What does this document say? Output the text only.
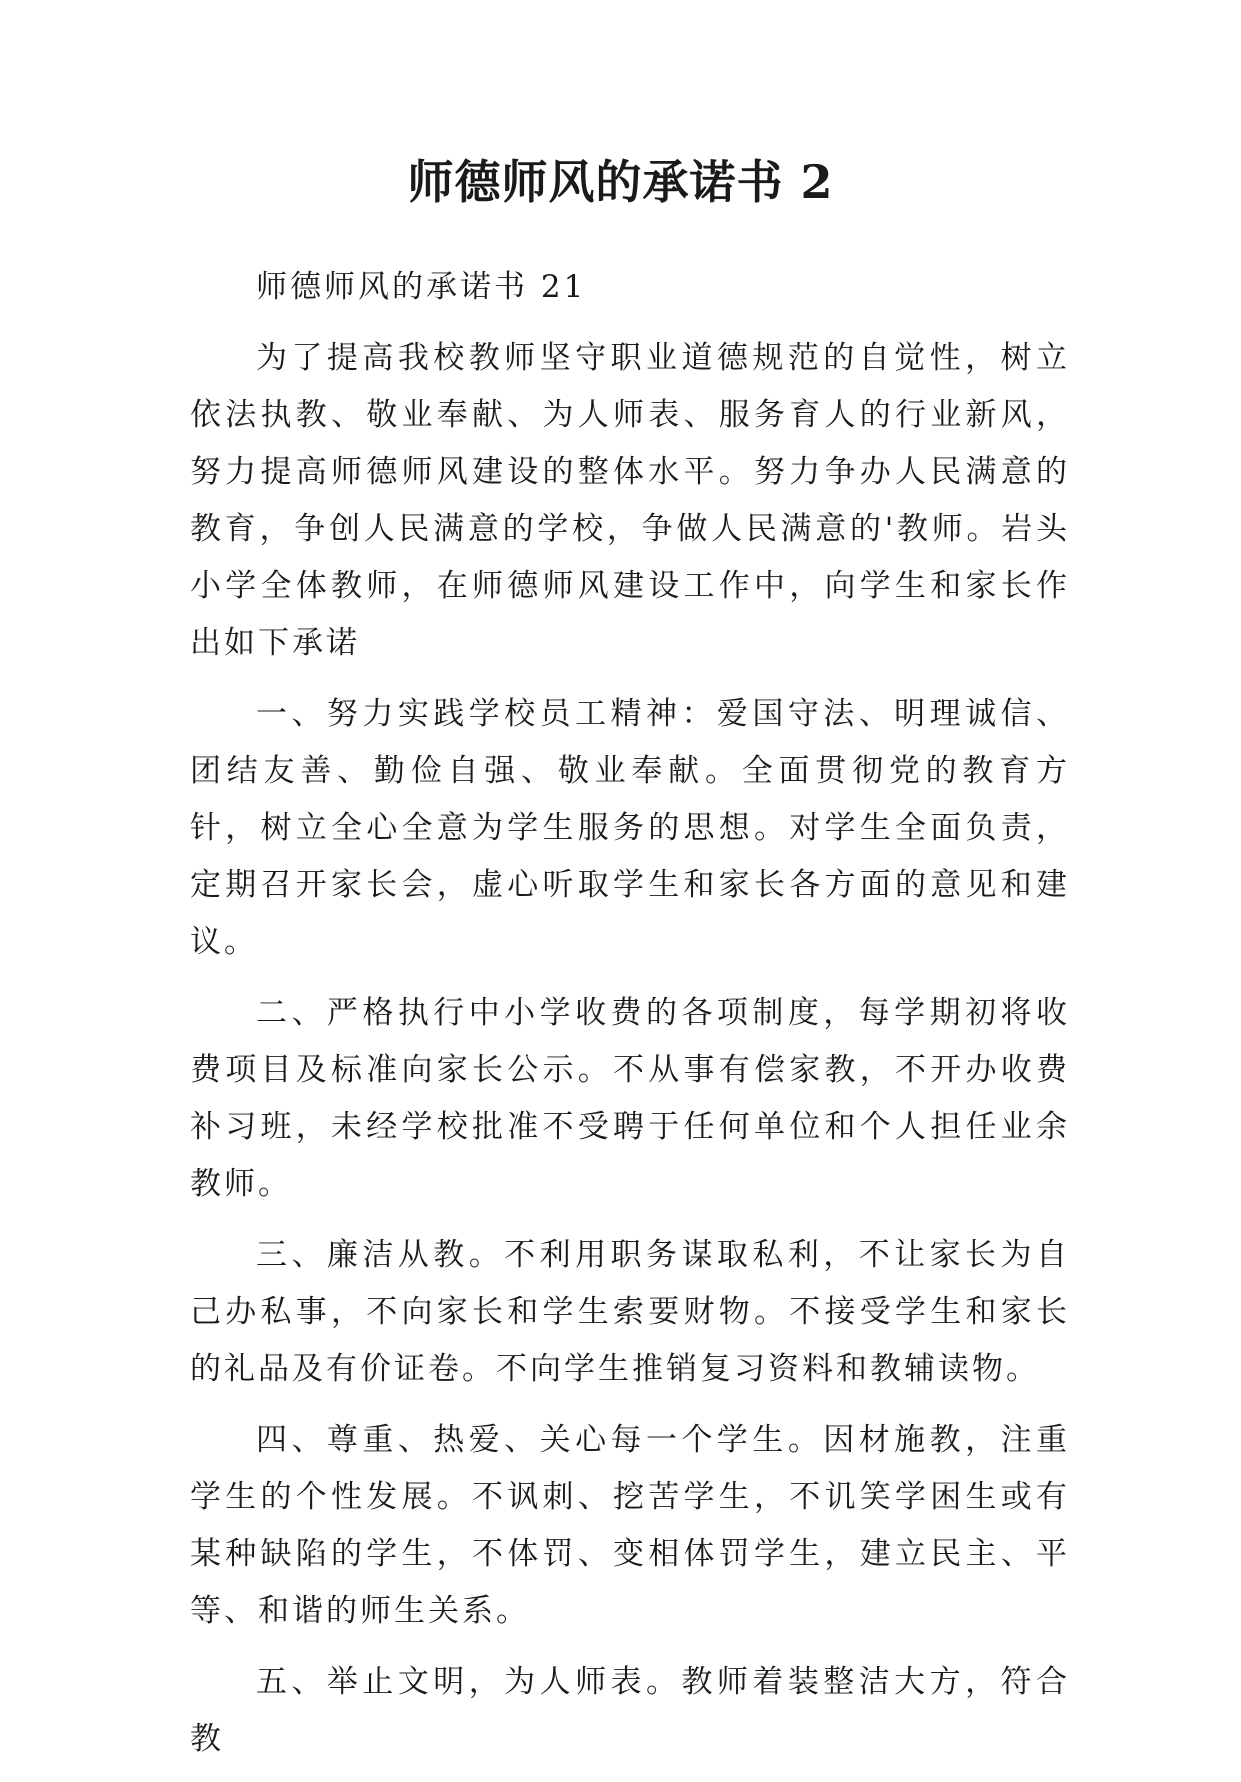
师德师风的承诺书 2

师德师风的承诺书 21

为了提高我校教师坚守职业道德规范的自觉性，树立依法执教、敬业奉献、为人师表、服务育人的行业新风，努力提高师德师风建设的整体水平。努力争办人民满意的教育，争创人民满意的学校，争做人民满意的'教师。岩头小学全体教师，在师德师风建设工作中，向学生和家长作出如下承诺

一、努力实践学校员工精神：爱国守法、明理诚信、团结友善、勤俭自强、敬业奉献。全面贯彻党的教育方针，树立全心全意为学生服务的思想。对学生全面负责，定期召开家长会，虚心听取学生和家长各方面的意见和建议。

二、严格执行中小学收费的各项制度，每学期初将收费项目及标准向家长公示。不从事有偿家教，不开办收费补习班，未经学校批准不受聘于任何单位和个人担任业余教师。

三、廉洁从教。不利用职务谋取私利，不让家长为自己办私事，不向家长和学生索要财物。不接受学生和家长的礼品及有价证卷。不向学生推销复习资料和教辅读物。

四、尊重、热爱、关心每一个学生。因材施教，注重学生的个性发展。不讽刺、挖苦学生，不讥笑学困生或有某种缺陷的学生，不体罚、变相体罚学生，建立民主、平等、和谐的师生关系。

五、举止文明，为人师表。教师着装整洁大方，符合教
